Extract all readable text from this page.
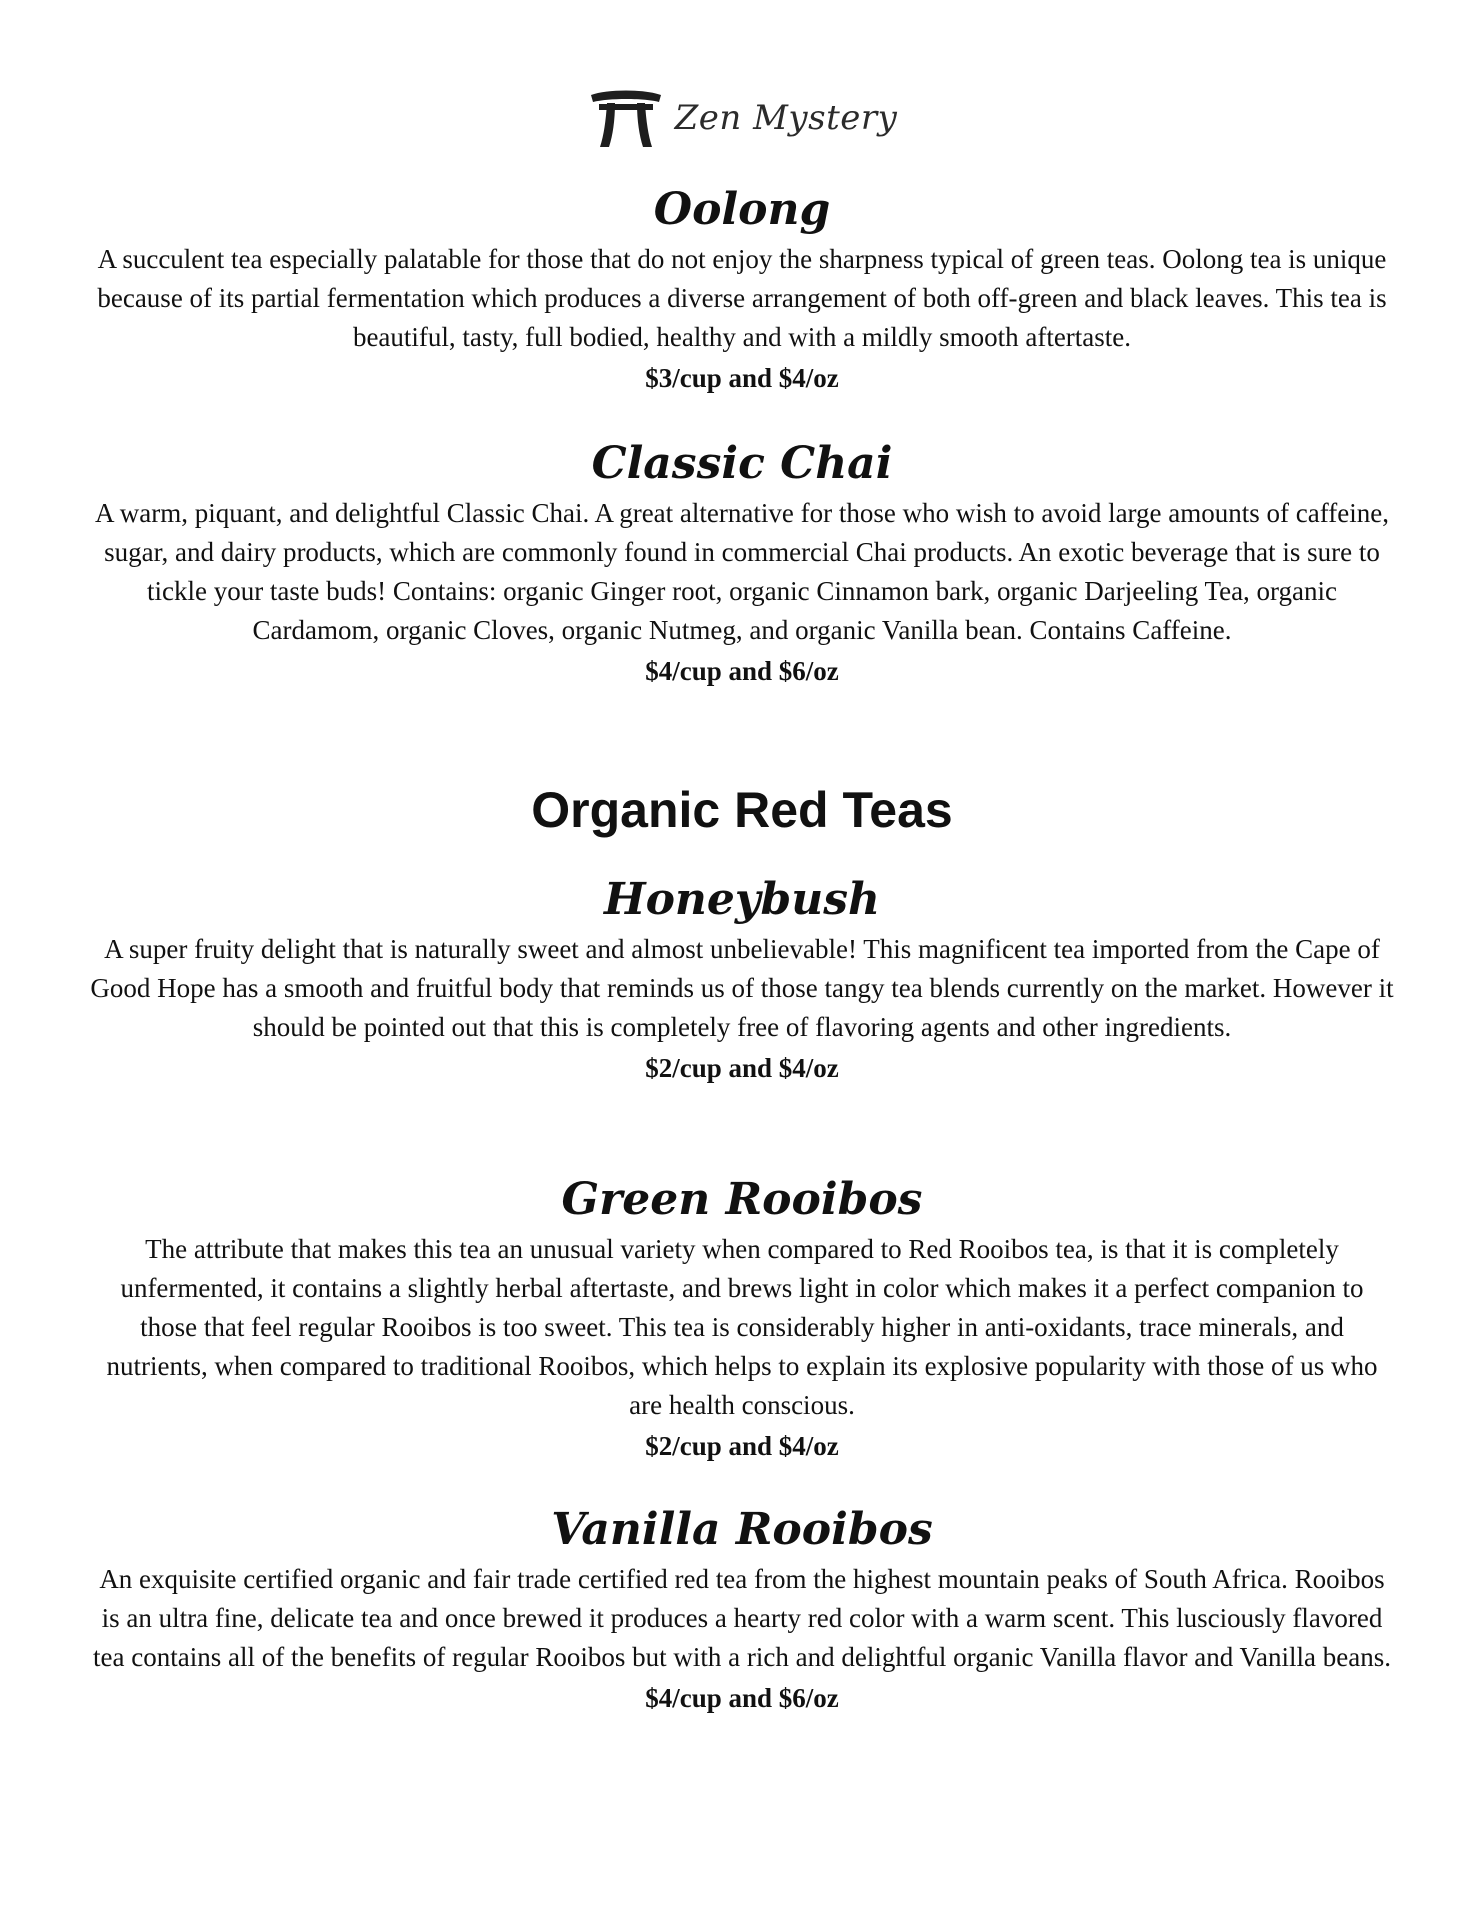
Zen Mystery
Oolong

A succulent tea especially palatable for those that do not enjoy the sharpness typical of green teas. Oolong tea is unique because of its partial fermentation which produces a diverse arrangement of both off-green and black leaves. This tea is beautiful, tasty, full bodied, healthy and with a mildly smooth aftertaste.

$3/cup and $4/oz

Classic Chai

A warm, piquant, and delightful Classic Chai. A great alternative for those who wish to avoid large amounts of caffeine, sugar, and dairy products, which are commonly found in commercial Chai products. An exotic beverage that is sure to tickle your taste buds! Contains: organic Ginger root, organic Cinnamon bark, organic Darjeeling Tea, organic Cardamom, organic Cloves, organic Nutmeg, and organic Vanilla bean. Contains Caffeine.

$4/cup and $6/oz

Organic Red Teas
Honeybush

A super fruity delight that is naturally sweet and almost unbelievable! This magnificent tea imported from the Cape of Good Hope has a smooth and fruitful body that reminds us of those tangy tea blends currently on the market. However it should be pointed out that this is completely free of flavoring agents and other ingredients.

$2/cup and $4/oz

Green Rooibos

The attribute that makes this tea an unusual variety when compared to Red Rooibos tea, is that it is completely unfermented, it contains a slightly herbal aftertaste, and brews light in color which makes it a perfect companion to those that feel regular Rooibos is too sweet. This tea is considerably higher in anti-oxidants, trace minerals, and nutrients, when compared to traditional Rooibos, which helps to explain its explosive popularity with those of us who are health conscious.

$2/cup and $4/oz

Vanilla Rooibos

An exquisite certified organic and fair trade certified red tea from the highest mountain peaks of South Africa. Rooibos is an ultra fine, delicate tea and once brewed it produces a hearty red color with a warm scent. This lusciously flavored tea contains all of the benefits of regular Rooibos but with a rich and delightful organic Vanilla flavor and Vanilla beans.

$4/cup and $6/oz
